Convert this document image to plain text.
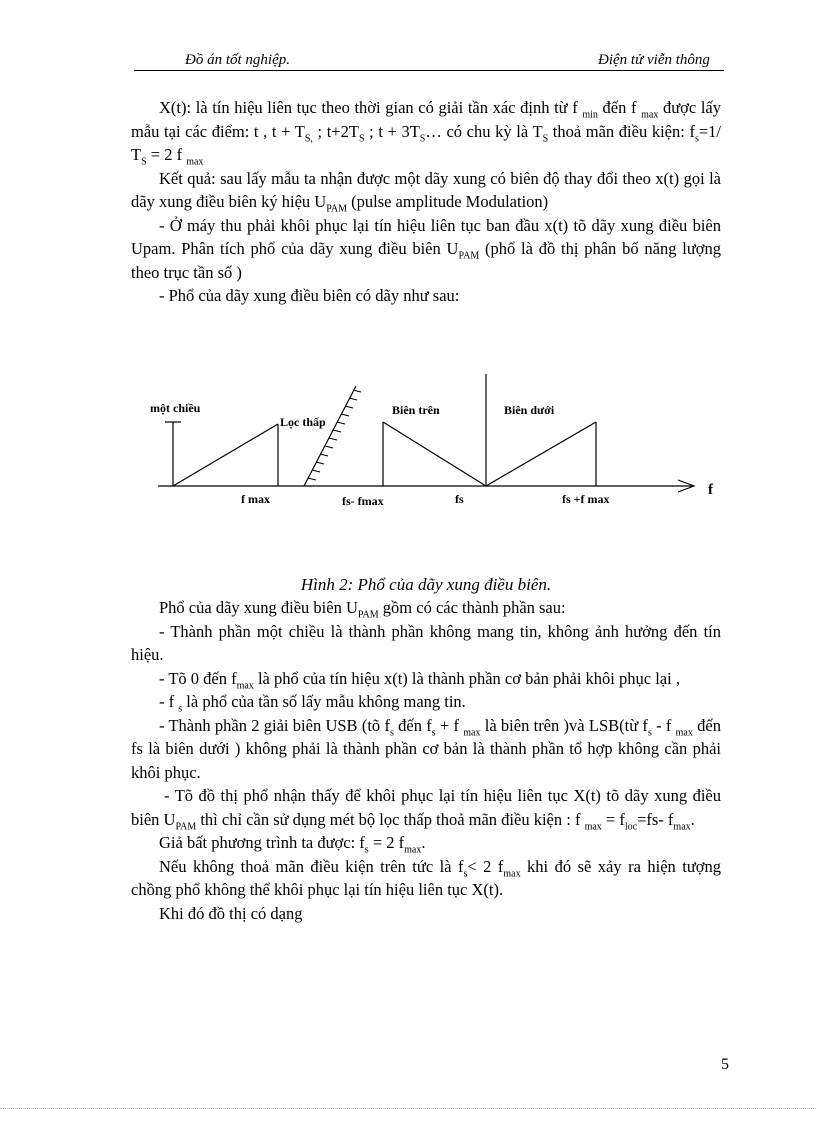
Đồ án tốt nghiệp.	Điện tử viễn thông
một chiều
Lọc thấp
Biên trên	Biên dưới
f
f max	fs- fmax	fs	fs +f max

X(t): là tín hiệu liên tục theo thời gian có giải tần xác định từ f $_{min}$ đến f $_{max}$ được lấy mẫu tại các điểm: t , $t + T_{S,}$ ; $t+2T_S$ ; $t + 3T_S\dots$ có chu kỳ là $T_S$ thoả mãn điều kiện: $f_s=1/$ $T_S = 2$ f $_{max}$

Kết quả: sau lấy mẫu ta nhận được một dãy xung có biên độ thay đổi theo x(t) gọi là dãy xung điều biên ký hiệu $U_{PAM}$ (pulse amplitude Modulation)

- Ở máy thu phải khôi phục lại tín hiệu liên tục ban đầu x(t) tõ dãy xung điều biên Upam. Phân tích phổ của dãy xung điều biên $U_{PAM}$ (phổ là đồ thị phân bố năng lượng theo trục tần số )

- Phổ của dãy xung điều biên có dãy như sau:

Hình 2: Phổ của dãy xung điều biên.

Phổ của dãy xung điều biên $U_{PAM}$ gồm có các thành phần sau:

- Thành phần một chiều là thành phần không mang tin, không ảnh hưởng đến tín hiệu.

- Tõ 0 đến $f_{max}$ là phổ của tín hiệu x(t) là thành phần cơ bản phải khôi phục lại ,

- f $_s$ là phổ của tần số lấy mẫu không mang tin.

- Thành phần 2 giải biên USB (tõ $f_s$ đến $f_s + f$ $_{max}$ là biên trên )và LSB(từ $f_s$ - f $_{max}$ đến fs là biên dưới ) không phải là thành phần cơ bản là thành phần tổ hợp không cần phải khôi phục.

- Tõ đồ thị phổ nhận thấy để khôi phục lại tín hiệu liên tục X(t) tõ dãy xung điều biên $U_{PAM}$ thì chỉ cần sử dụng mét bộ lọc thấp thoả mãn điều kiện : f $_{max} = f_{loc}=fs-$ $f_{max}$.

Giả bất phương trình ta được: $f_s = 2$ $f_{max}$.

Nếu không thoả mãn điều kiện trên tức là $f_s< 2$ $f_{max}$ khi đó sẽ xảy ra hiện tượng chồng phổ không thể khôi phục lại tín hiệu liên tục X(t).

Khi đó đồ thị có dạng

5
